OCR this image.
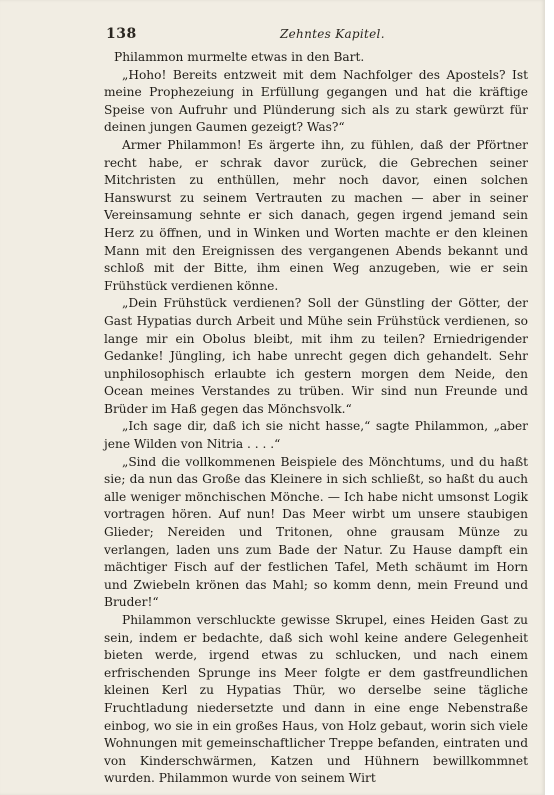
138	Zehntes Kapitel.

Philammon murmelte etwas in den Bart.

„Hoho! Bereits entzweit mit dem Nachfolger des Apostels? Ist meine Prophezeiung in Erfüllung gegangen und hat die kräftige Speise von Aufruhr und Plünderung sich als zu stark gewürzt für deinen jungen Gaumen gezeigt? Was?“

Armer Philammon! Es ärgerte ihn, zu fühlen, daß der Pförtner recht habe, er schrak davor zurück, die Gebrechen seiner Mitchristen zu enthüllen, mehr noch davor, einen solchen Hanswurst zu seinem Vertrauten zu machen — aber in seiner Vereinsamung sehnte er sich danach, gegen irgend jemand sein Herz zu öffnen, und in Winken und Worten machte er den kleinen Mann mit den Ereignissen des vergangenen Abends bekannt und schloß mit der Bitte, ihm einen Weg anzugeben, wie er sein Frühstück verdienen könne.

„Dein Frühstück verdienen? Soll der Günstling der Götter, der Gast Hypatias durch Arbeit und Mühe sein Frühstück verdienen, so lange mir ein Obolus bleibt, mit ihm zu teilen? Erniedrigender Gedanke! Jüngling, ich habe unrecht gegen dich gehandelt. Sehr unphilosophisch erlaubte ich gestern morgen dem Neide, den Ocean meines Verstandes zu trüben. Wir sind nun Freunde und Brüder im Haß gegen das Mönchsvolk.“

„Ich sage dir, daß ich sie nicht hasse,“ sagte Philammon, „aber jene Wilden von Nitria . . . .“

„Sind die vollkommenen Beispiele des Mönchtums, und du haßt sie; da nun das Große das Kleinere in sich schließt, so haßt du auch alle weniger mönchischen Mönche. — Ich habe nicht umsonst Logik vortragen hören. Auf nun! Das Meer wirbt um unsere staubigen Glieder; Nereiden und Tritonen, ohne grausam Münze zu verlangen, laden uns zum Bade der Natur. Zu Hause dampft ein mächtiger Fisch auf der festlichen Tafel, Meth schäumt im Horn und Zwiebeln krönen das Mahl; so komm denn, mein Freund und Bruder!“

Philammon verschluckte gewisse Skrupel, eines Heiden Gast zu sein, indem er bedachte, daß sich wohl keine andere Gelegenheit bieten werde, irgend etwas zu schlucken, und nach einem erfrischenden Sprunge ins Meer folgte er dem gastfreundlichen kleinen Kerl zu Hypatias Thür, wo derselbe seine tägliche Fruchtladung niedersetzte und dann in eine enge Nebenstraße einbog, wo sie in ein großes Haus, von Holz gebaut, worin sich viele Wohnungen mit gemeinschaftlicher Treppe befanden, eintraten und von Kinderschwärmen, Katzen und Hühnern bewillkommnet wurden. Philammon wurde von seinem Wirt
